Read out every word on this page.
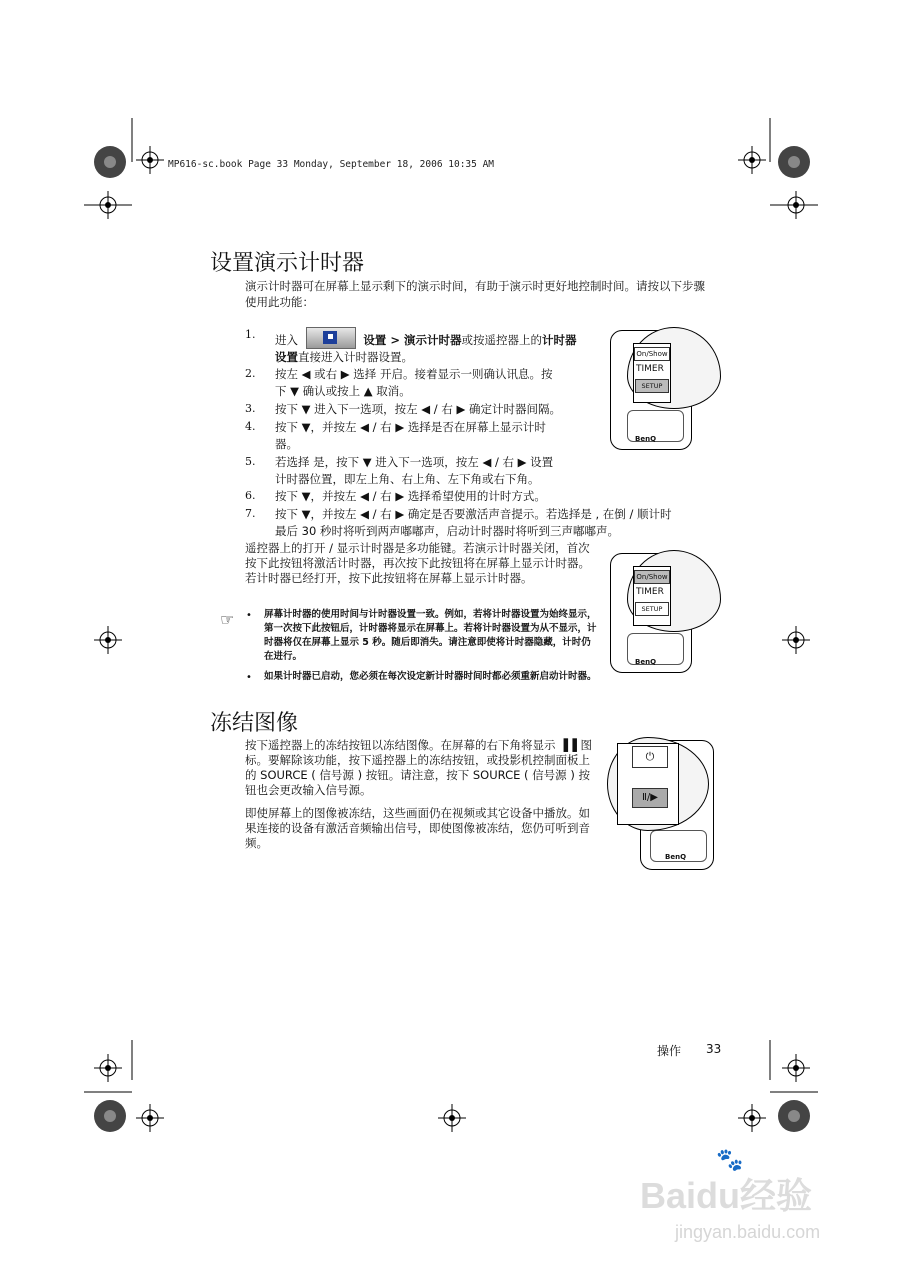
MP616-sc.book Page 33 Monday, September 18, 2006 10:35 AM
设置演示计时器
演示计时器可在屏幕上显示剩下的演示时间，有助于演示时更好地控制时间。请按以下步骤使用此功能：
1.	进入	设置 > 演示计时器或按遥控器上的计时器
设置直接进入计时器设置。
2.	按左 ◀ 或右 ▶ 选择 开启。接着显示一则确认讯息。按
下 ▼ 确认或按上 ▲ 取消。
3.	按下 ▼ 进入下一选项，按左 ◀ / 右 ▶ 确定计时器间隔。
4.	按下 ▼，并按左 ◀ / 右 ▶ 选择是否在屏幕上显示计时
器。
5.	若选择 是，按下 ▼ 进入下一选项，按左 ◀ / 右 ▶ 设置
计时器位置，即左上角、右上角、左下角或右下角。
6.	按下 ▼，并按左 ◀ / 右 ▶ 选择希望使用的计时方式。
7.	按下 ▼，并按左 ◀ / 右 ▶ 确定是否要激活声音提示。若选择是 , 在倒 / 顺计时
最后 30 秒时将听到两声嘟嘟声，启动计时器时将听到三声嘟嘟声。
遥控器上的打开 / 显示计时器是多功能键。若演示计时器关闭，首次按下此按钮将激活计时器，再次按下此按钮将在屏幕上显示计时器。若计时器已经打开，按下此按钮将在屏幕上显示计时器。
☞ • 屏幕计时器的使用时间与计时器设置一致。例如，若将计时器设置为始终显示，第一次按下此按钮后，计时器将显示在屏幕上。若将计时器设置为从不显示，计时器将仅在屏幕上显示 5 秒。随后即消失。请注意即使将计时器隐藏，计时仍在进行。
• 如果计时器已启动，您必须在每次设定新计时器时间时都必须重新启动计时器。
冻结图像
按下遥控器上的冻结按钮以冻结图像。在屏幕的右下角将显示 ▐▐ 图标。要解除该功能，按下遥控器上的冻结按钮，或投影机控制面板上的 SOURCE ( 信号源 ) 按钮。请注意，按下 SOURCE ( 信号源 ) 按钮也会更改输入信号源。
即使屏幕上的图像被冻结，这些画面仍在视频或其它设备中播放。如果连接的设备有激活音频输出信号，即使图像被冻结，您仍可听到音频。
BenQ
On/Show
TIMER
SETUP
BenQ
On/Show
TIMER
SETUP
BenQ
⏻
Ⅱ/▶
操作 33
Baidu经验
🐾
jingyan.baidu.com
